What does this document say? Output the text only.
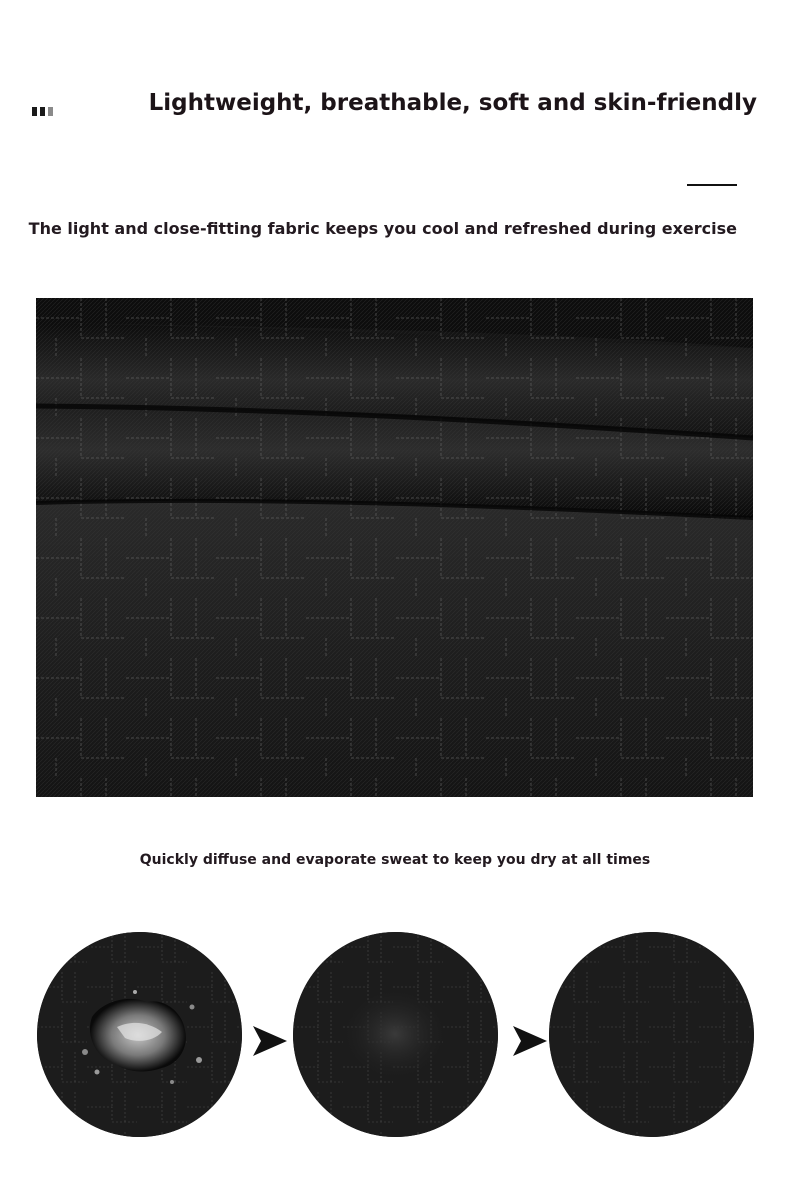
Lightweight, breathable, soft and skin-friendly

The light and close-fitting fabric keeps you cool and refreshed during exercise

Quickly diffuse and evaporate sweat to keep you dry at all times
